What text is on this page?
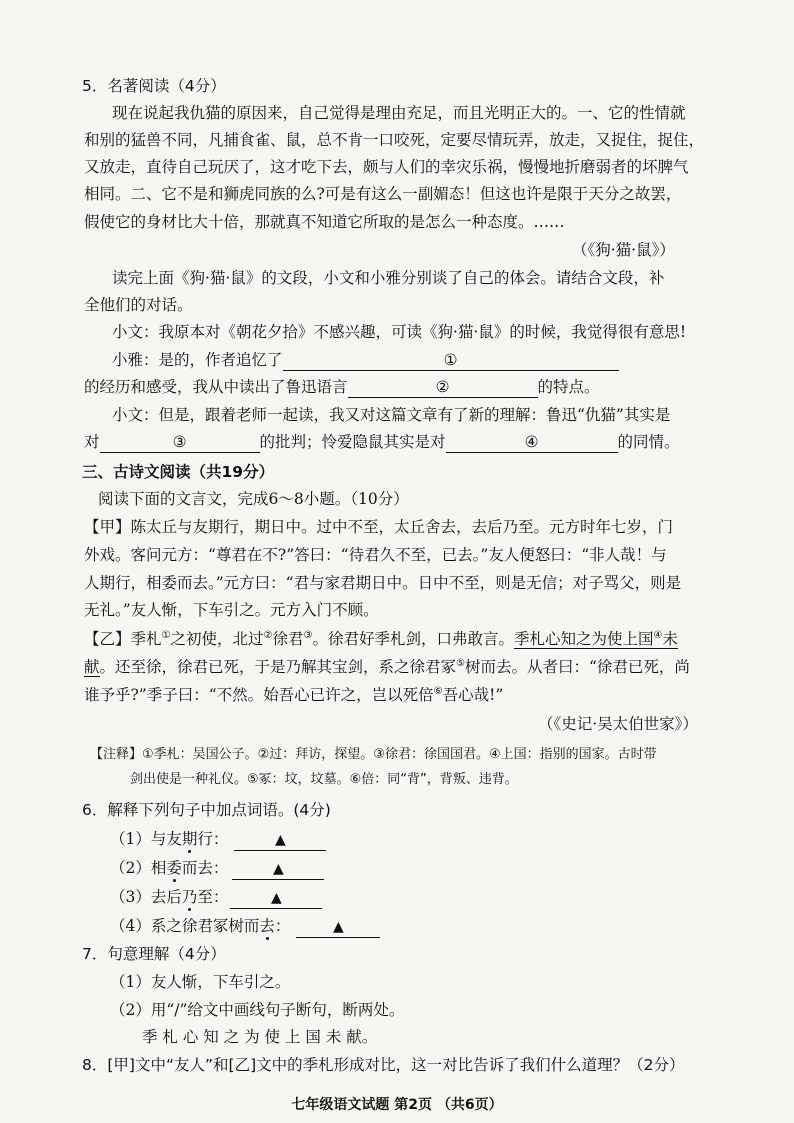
5．名著阅读（4分）
现在说起我仇猫的原因来，自己觉得是理由充足，而且光明正大的。一、它的性情就
和别的猛兽不同，凡捕食雀、鼠，总不肯一口咬死，定要尽情玩弄，放走，又捉住，捉住，
又放走，直待自己玩厌了，这才吃下去，颇与人们的幸灾乐祸，慢慢地折磨弱者的坏脾气
相同。二、它不是和狮虎同族的么?可是有这么一副媚态！但这也许是限于天分之故罢，
假使它的身材比大十倍，那就真不知道它所取的是怎么一种态度。……
（《狗·猫·鼠》）
读完上面《狗·猫·鼠》的文段，小文和小雅分别谈了自己的体会。请结合文段，补
全他们的对话。
小文：我原本对《朝花夕拾》不感兴趣，可读《狗·猫·鼠》的时候，我觉得很有意思!
小雅：是的，作者追忆了	①
的经历和感受，我从中读出了鲁迅语言	②	的特点。
小文：但是，跟着老师一起读，我又对这篇文章有了新的理解：鲁迅“仇猫”其实是
对	③	的批判；怜爱隐鼠其实是对	④	的同情。
三、古诗文阅读（共19分）
阅读下面的文言文，完成6～8小题。（10分）
【甲】陈太丘与友期行，期日中。过中不至，太丘舍去，去后乃至。元方时年七岁，门
外戏。客问元方：“尊君在不?”答曰：“待君久不至，已去。”友人便怒曰：“非人哉！与
人期行，相委而去。”元方曰：“君与家君期日中。日中不至，则是无信；对子骂父，则是
无礼。”友人惭，下车引之。元方入门不顾。
【乙】季札①之初使，北过②徐君③。徐君好季札剑，口弗敢言。季札心知之为使上国④未
献。还至徐，徐君已死，于是乃解其宝剑，系之徐君冢⑤树而去。从者曰：“徐君已死，尚
谁予乎?”季子曰：“不然。始吾心已许之，岂以死倍⑥吾心哉!”
（《史记·吴太伯世家》）
【注释】①季札：吴国公子。②过：拜访，探望。③徐君：徐国国君。④上国：指别的国家。古时带
剑出使是一种礼仪。⑤冢：坟，坟墓。⑥倍：同“背”，背叛、违背。
6．解释下列句子中加点词语。(4分)
（1）与友期行：	▲
（2）相委而去：	▲
（3）去后乃至：	▲
（4）系之徐君冢树而去：	▲
7．句意理解（4分）
（1）友人惭，下车引之。
（2）用“/”给文中画线句子断句，断两处。
季 札 心 知 之 为 使 上 国 未 献。
8．[甲]文中“友人”和[乙]文中的季札形成对比，这一对比告诉了我们什么道理？（2分）
七年级语文试题 第2页 （共6页）
